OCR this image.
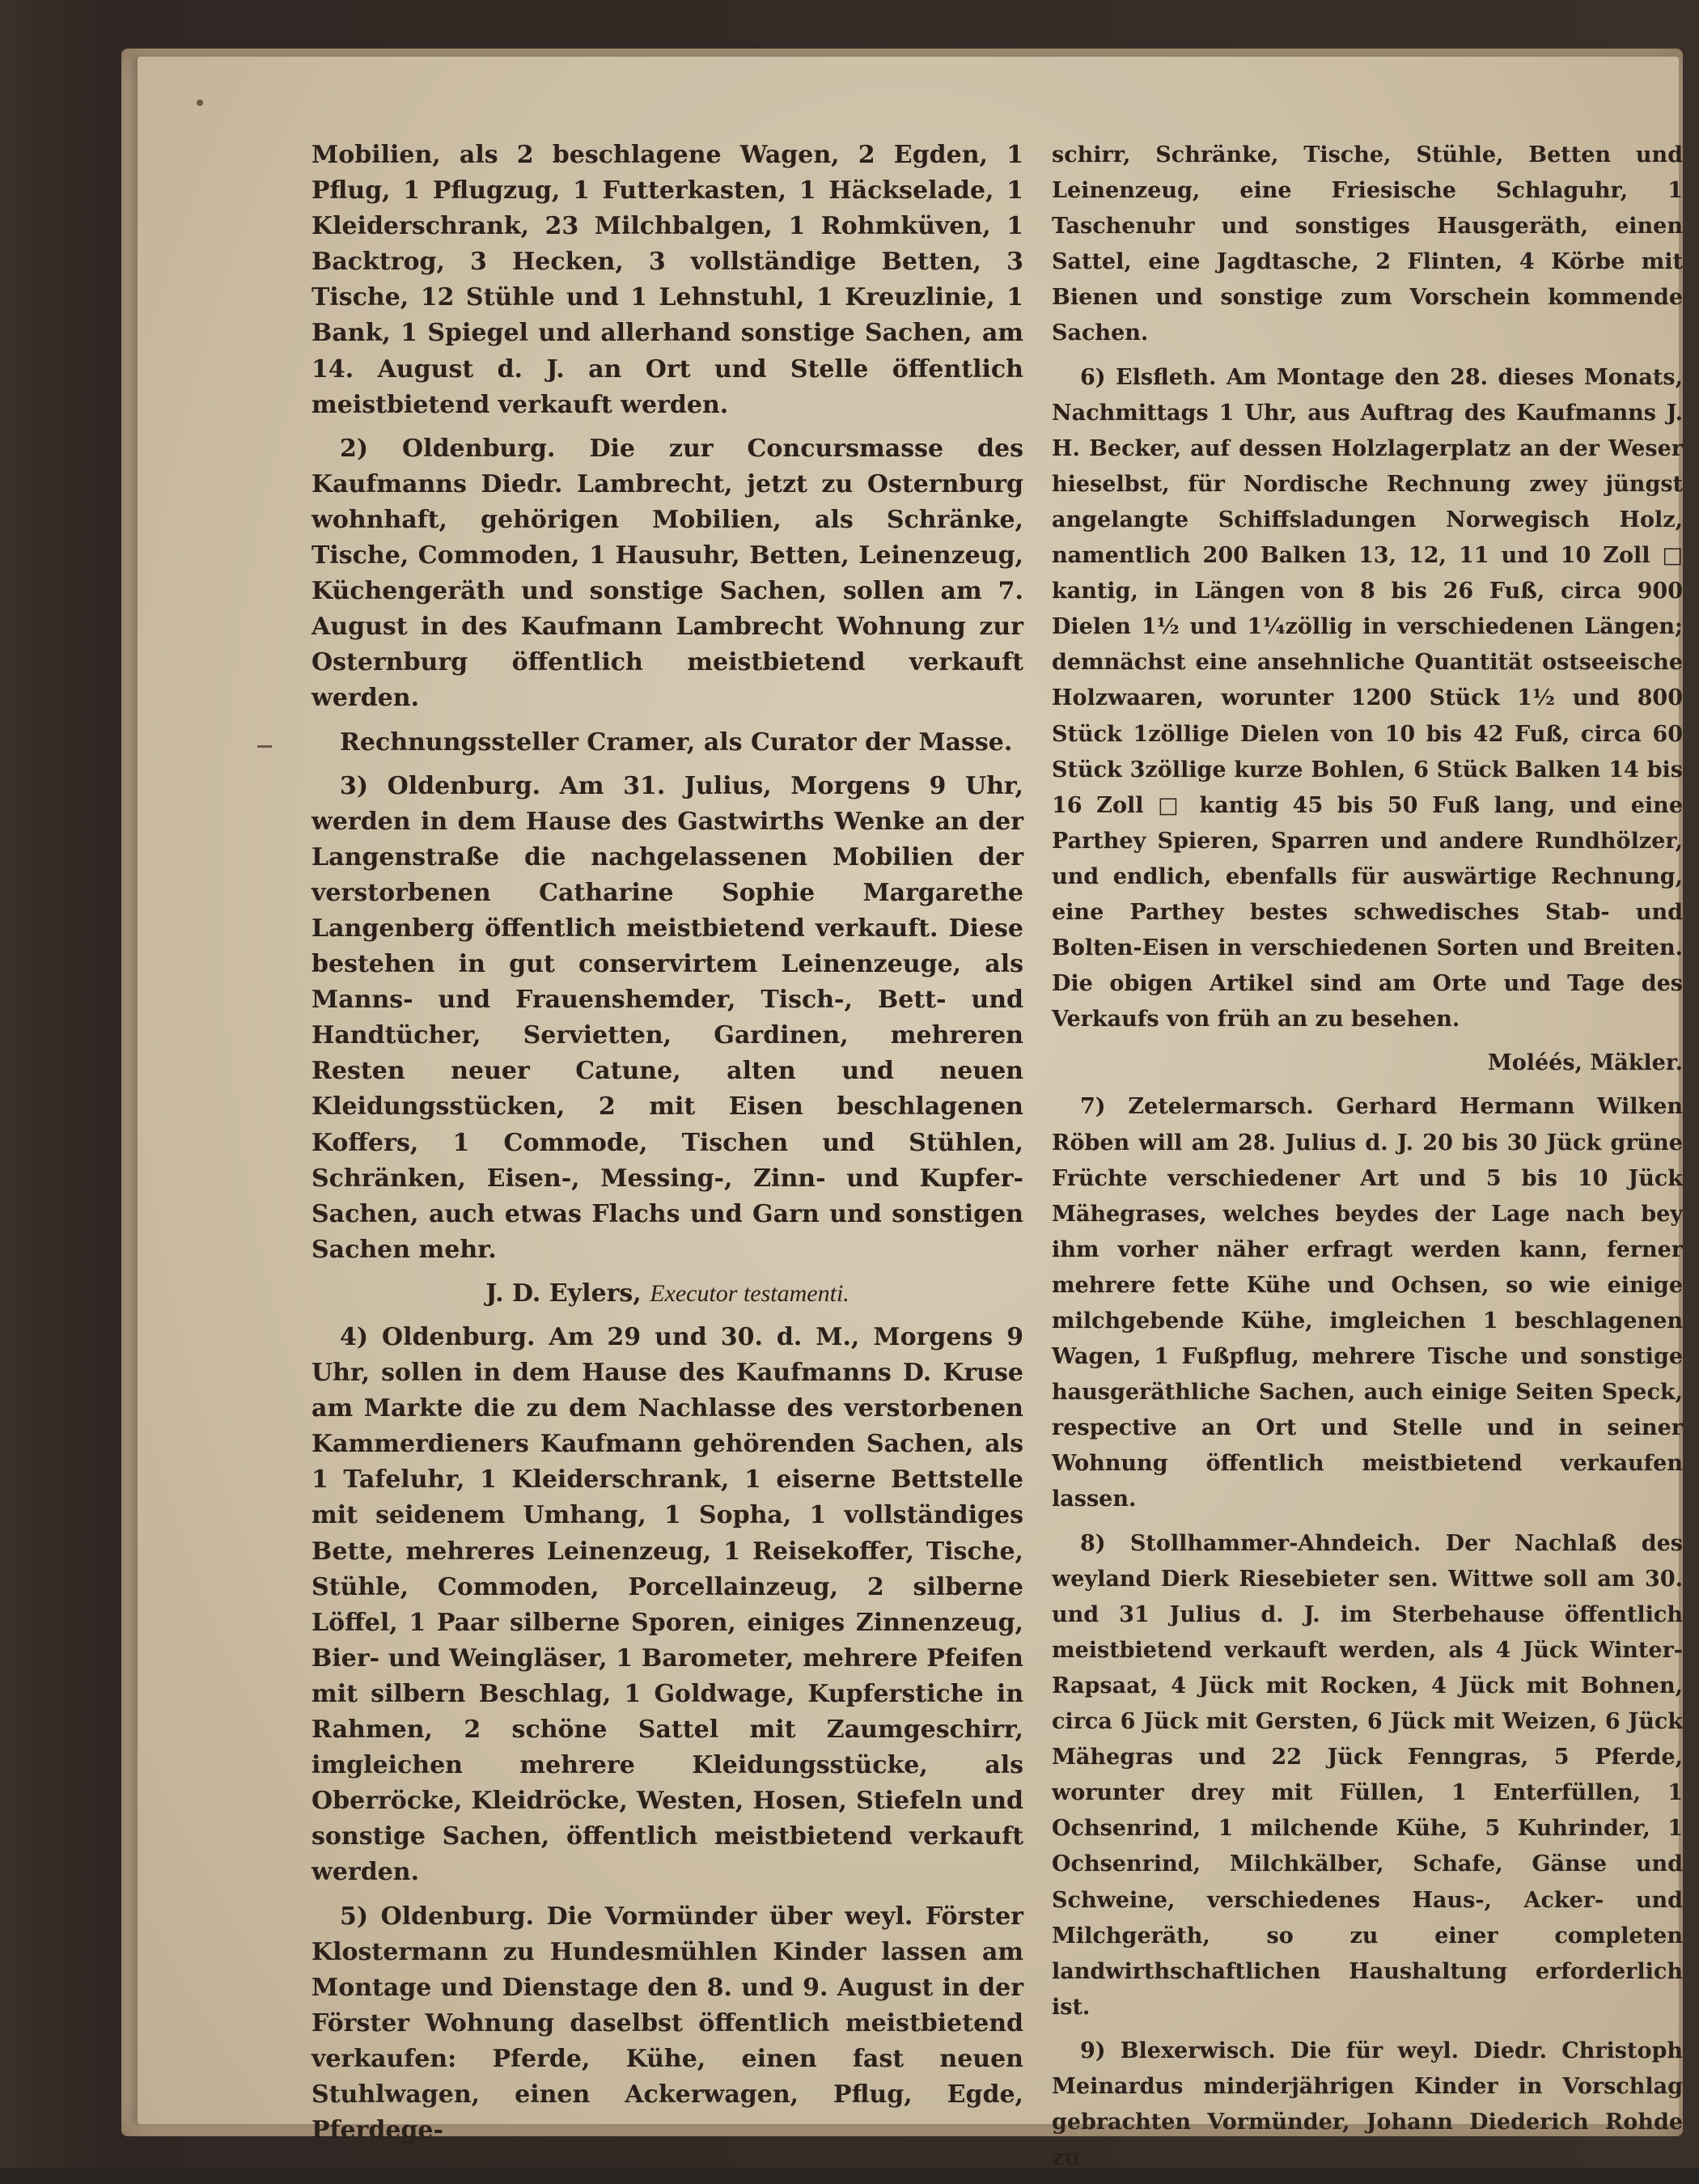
Mobilien, als 2 beschlagene Wagen, 2 Egden, 1 Pflug, 1 Pflugzug, 1 Futterkasten, 1 Häckselade, 1 Kleiderschrank, 23 Milchbalgen, 1 Rohmküven, 1 Backtrog, 3 Hecken, 3 vollständige Betten, 3 Tische, 12 Stühle und 1 Lehnstuhl, 1 Kreuzlinie, 1 Bank, 1 Spiegel und allerhand sonstige Sachen, am 14. August d. J. an Ort und Stelle öffentlich meistbietend verkauft werden.

2) Oldenburg. Die zur Concursmasse des Kaufmanns Diedr. Lambrecht, jetzt zu Osternburg wohnhaft, gehörigen Mobilien, als Schränke, Tische, Commoden, 1 Hausuhr, Betten, Leinenzeug, Küchengeräth und sonstige Sachen, sollen am 7. August in des Kaufmann Lambrecht Wohnung zur Osternburg öffentlich meistbietend verkauft werden.

Rechnungssteller Cramer, als Curator der Masse.

3) Oldenburg. Am 31. Julius, Morgens 9 Uhr, werden in dem Hause des Gastwirths Wenke an der Langenstraße die nachgelassenen Mobilien der verstorbenen Catharine Sophie Margarethe Langenberg öffentlich meistbietend verkauft. Diese bestehen in gut conservirtem Leinenzeuge, als Manns- und Frauenshemder, Tisch-, Bett- und Handtücher, Servietten, Gardinen, mehreren Resten neuer Catune, alten und neuen Kleidungsstücken, 2 mit Eisen beschlagenen Koffers, 1 Commode, Tischen und Stühlen, Schränken, Eisen-, Messing-, Zinn- und Kupfer-Sachen, auch etwas Flachs und Garn und sonstigen Sachen mehr.

J. D. Eylers, Executor testamenti.

4) Oldenburg. Am 29 und 30. d. M., Morgens 9 Uhr, sollen in dem Hause des Kaufmanns D. Kruse am Markte die zu dem Nachlasse des verstorbenen Kammerdieners Kaufmann gehörenden Sachen, als 1 Tafeluhr, 1 Kleiderschrank, 1 eiserne Bettstelle mit seidenem Umhang, 1 Sopha, 1 vollständiges Bette, mehreres Leinenzeug, 1 Reisekoffer, Tische, Stühle, Commoden, Porcellainzeug, 2 silberne Löffel, 1 Paar silberne Sporen, einiges Zinnenzeug, Bier- und Weingläser, 1 Barometer, mehrere Pfeifen mit silbern Beschlag, 1 Goldwage, Kupferstiche in Rahmen, 2 schöne Sattel mit Zaumgeschirr, imgleichen mehrere Kleidungsstücke, als Oberröcke, Kleidröcke, Westen, Hosen, Stiefeln und sonstige Sachen, öffentlich meistbietend verkauft werden.

5) Oldenburg. Die Vormünder über weyl. Förster Klostermann zu Hundesmühlen Kinder lassen am Montage und Dienstage den 8. und 9. August in der Förster Wohnung daselbst öffentlich meistbietend verkaufen: Pferde, Kühe, einen fast neuen Stuhlwagen, einen Ackerwagen, Pflug, Egde, Pferdege-

schirr, Schränke, Tische, Stühle, Betten und Leinenzeug, eine Friesische Schlaguhr, 1 Taschenuhr und sonstiges Hausgeräth, einen Sattel, eine Jagdtasche, 2 Flinten, 4 Körbe mit Bienen und sonstige zum Vorschein kommende Sachen.

6) Elsfleth. Am Montage den 28. dieses Monats, Nachmittags 1 Uhr, aus Auftrag des Kaufmanns J. H. Becker, auf dessen Holzlagerplatz an der Weser hieselbst, für Nordische Rechnung zwey jüngst angelangte Schiffsladungen Norwegisch Holz, namentlich 200 Balken 13, 12, 11 und 10 Zoll □ kantig, in Längen von 8 bis 26 Fuß, circa 900 Dielen 1½ und 1¼zöllig in verschiedenen Längen; demnächst eine ansehnliche Quantität ostseeische Holzwaaren, worunter 1200 Stück 1½ und 800 Stück 1zöllige Dielen von 10 bis 42 Fuß, circa 60 Stück 3zöllige kurze Bohlen, 6 Stück Balken 14 bis 16 Zoll □ kantig 45 bis 50 Fuß lang, und eine Parthey Spieren, Sparren und andere Rundhölzer, und endlich, ebenfalls für auswärtige Rechnung, eine Parthey bestes schwedisches Stab- und Bolten-Eisen in verschiedenen Sorten und Breiten. Die obigen Artikel sind am Orte und Tage des Verkaufs von früh an zu besehen.

Moléés, Mäkler.

7) Zetelermarsch. Gerhard Hermann Wilken Röben will am 28. Julius d. J. 20 bis 30 Jück grüne Früchte verschiedener Art und 5 bis 10 Jück Mähegrases, welches beydes der Lage nach bey ihm vorher näher erfragt werden kann, ferner mehrere fette Kühe und Ochsen, so wie einige milchgebende Kühe, imgleichen 1 beschlagenen Wagen, 1 Fußpflug, mehrere Tische und sonstige hausgeräthliche Sachen, auch einige Seiten Speck, respective an Ort und Stelle und in seiner Wohnung öffentlich meistbietend verkaufen lassen.

8) Stollhammer-Ahndeich. Der Nachlaß des weyland Dierk Riesebieter sen. Wittwe soll am 30. und 31 Julius d. J. im Sterbehause öffentlich meistbietend verkauft werden, als 4 Jück Winter-Rapsaat, 4 Jück mit Rocken, 4 Jück mit Bohnen, circa 6 Jück mit Gersten, 6 Jück mit Weizen, 6 Jück Mähegras und 22 Jück Fenngras, 5 Pferde, worunter drey mit Füllen, 1 Enterfüllen, 1 Ochsenrind, 1 milchende Kühe, 5 Kuhrinder, 1 Ochsenrind, Milchkälber, Schafe, Gänse und Schweine, verschiedenes Haus-, Acker- und Milchgeräth, so zu einer completen landwirthschaftlichen Haushaltung erforderlich ist.

9) Blexerwisch. Die für weyl. Diedr. Christoph Meinardus minderjährigen Kinder in Vorschlag gebrachten Vormünder, Johann Diederich Rohde zu
